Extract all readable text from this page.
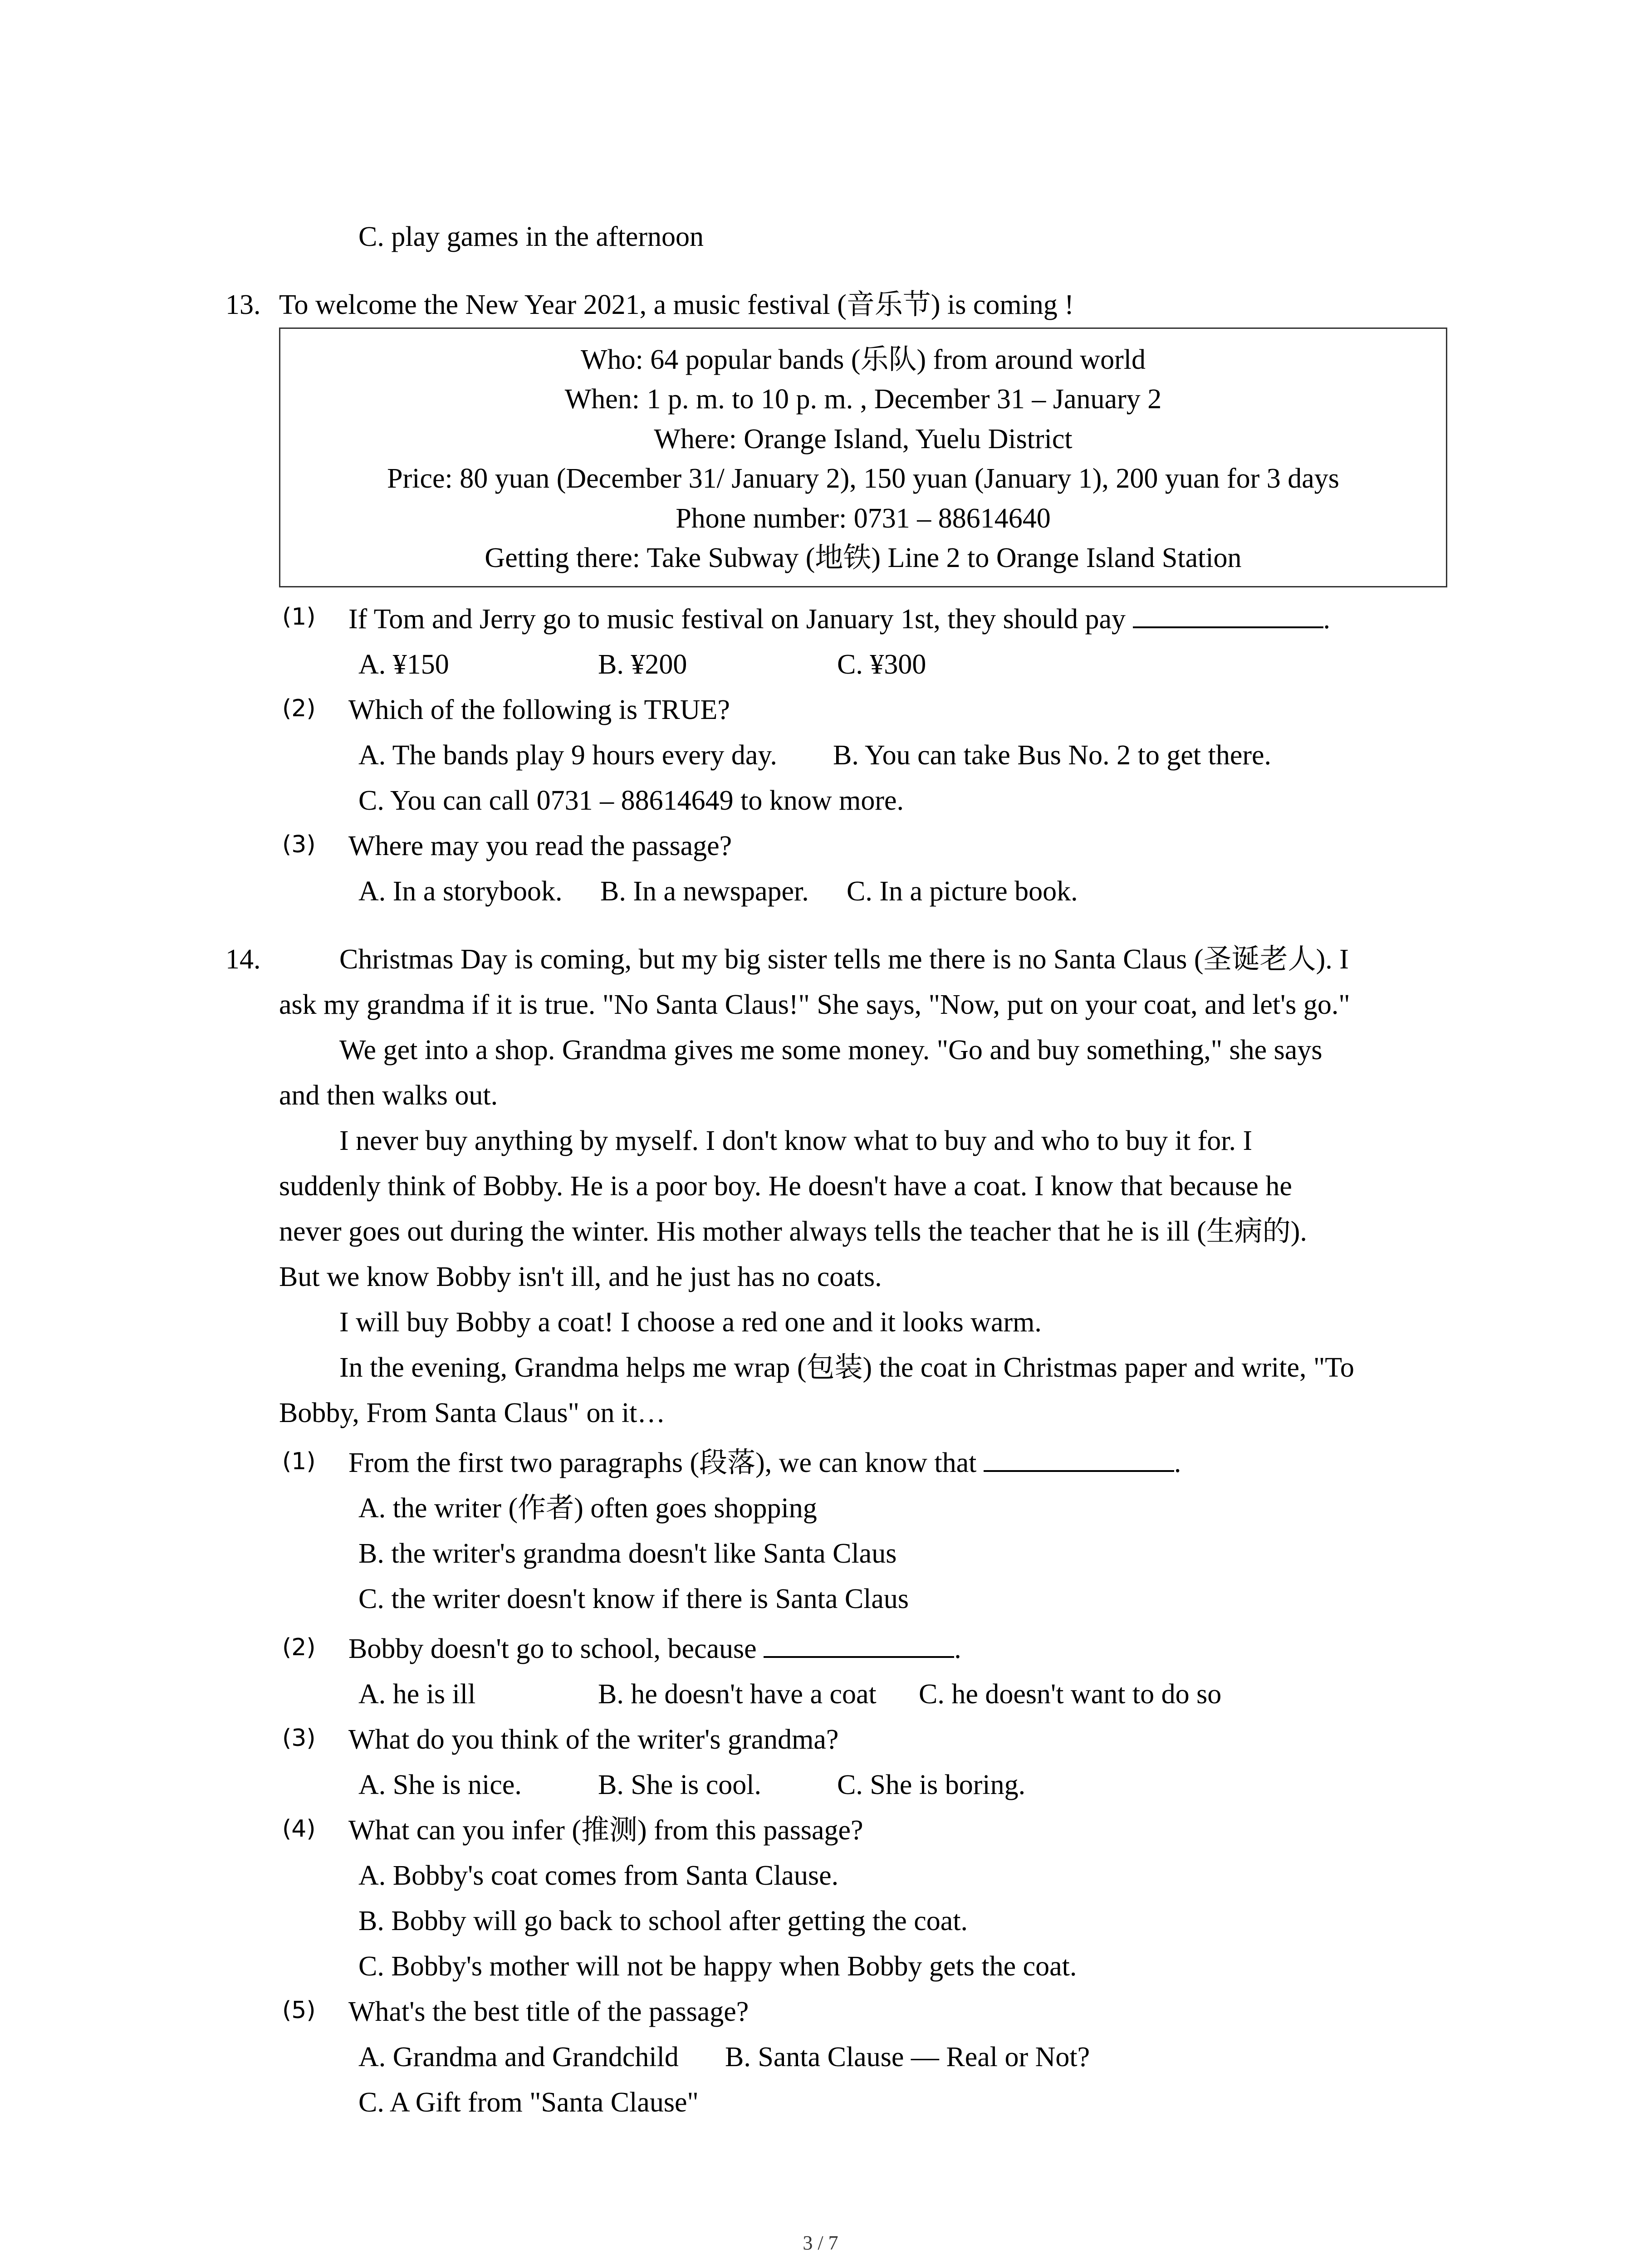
C. play games in the afternoon
13. To welcome the New Year 2021, a music festival (音乐节) is coming !
Who: 64 popular bands (乐队) from around world
When: 1 p. m. to 10 p. m. , December 31 – January 2
Where: Orange Island, Yuelu District
Price: 80 yuan (December 31/ January 2), 150 yuan (January 1), 200 yuan for 3 days
Phone number: 0731 – 88614640
Getting there: Take Subway (地铁) Line 2 to Orange Island Station
(1) If Tom and Jerry go to music festival on January 1st, they should pay	.
A. ¥150	B. ¥200	C. ¥300
(2) Which of the following is TRUE?
A. The bands play 9 hours every day. B. You can take Bus No. 2 to get there.
C. You can call 0731 – 88614649 to know more.
(3) Where may you read the passage?
A. In a storybook. B. In a newspaper. C. In a picture book.
14.	Christmas Day is coming, but my big sister tells me there is no Santa Claus (圣诞老人). I
ask my grandma if it is true. "No Santa Claus!" She says, "Now, put on your coat, and let's go."
We get into a shop. Grandma gives me some money. "Go and buy something," she says
and then walks out.
I never buy anything by myself. I don't know what to buy and who to buy it for. I
suddenly think of Bobby. He is a poor boy. He doesn't have a coat. I know that because he
never goes out during the winter. His mother always tells the teacher that he is ill (生病的).
But we know Bobby isn't ill, and he just has no coats.
I will buy Bobby a coat! I choose a red one and it looks warm.
In the evening, Grandma helps me wrap (包装) the coat in Christmas paper and write, "To
Bobby, From Santa Claus" on it…
(1) From the first two paragraphs (段落), we can know that	.
A. the writer (作者) often goes shopping
B. the writer's grandma doesn't like Santa Claus
C. the writer doesn't know if there is Santa Claus
(2) Bobby doesn't go to school, because	.
A. he is ill	B. he doesn't have a coat C. he doesn't want to do so
(3) What do you think of the writer's grandma?
A. She is nice.	B. She is cool.	C. She is boring.
(4) What can you infer (推测) from this passage?
A. Bobby's coat comes from Santa Clause.
B. Bobby will go back to school after getting the coat.
C. Bobby's mother will not be happy when Bobby gets the coat.
(5) What's the best title of the passage?
A. Grandma and Grandchild B. Santa Clause — Real or Not?
C. A Gift from "Santa Clause"
3 / 7
